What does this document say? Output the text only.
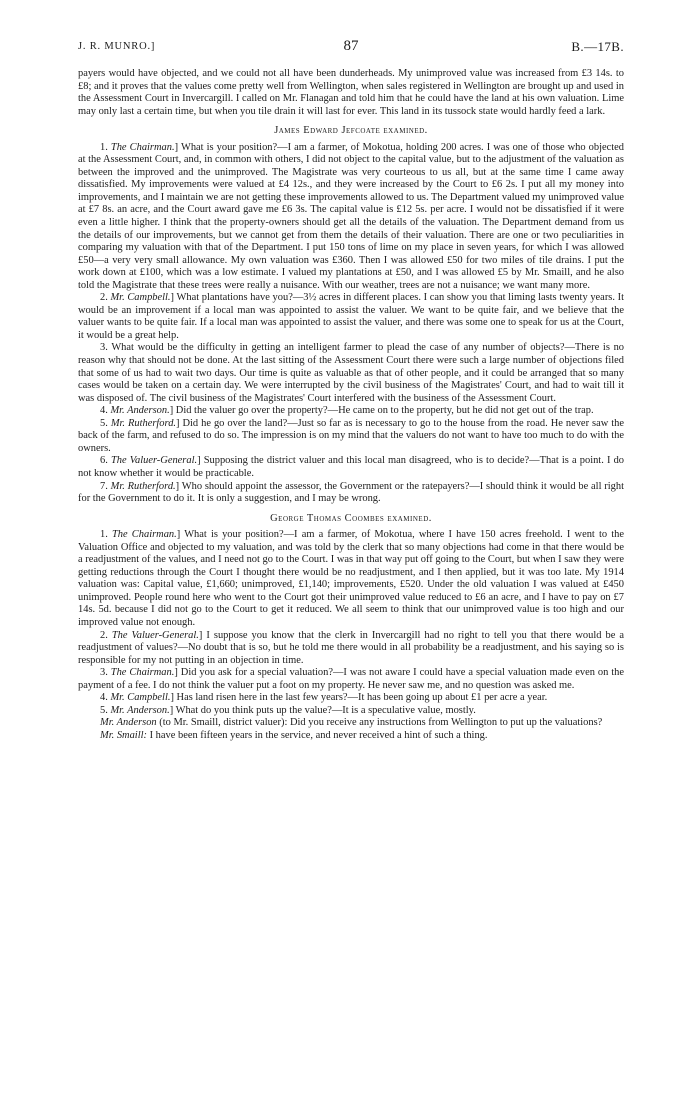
J. R. MUNRO.]	87	B.—17B.

payers would have objected, and we could not all have been dunderheads. My unimproved value was increased from £3 14s. to £8; and it proves that the values come pretty well from Wellington, when sales registered in Wellington are brought up and used in the Assessment Court in Invercargill. I called on Mr. Flanagan and told him that he could have the land at his own valuation. Lime may only last a certain time, but when you tile drain it will last for ever. This land in its tussock state would hardly feed a lark.

James Edward Jefcoate examined.

1. The Chairman.] What is your position?—I am a farmer, of Mokotua, holding 200 acres. I was one of those who objected at the Assessment Court, and, in common with others, I did not object to the capital value, but to the adjustment of the valuation as between the improved and the unimproved. The Magistrate was very courteous to us all, but at the same time I came away dissatisfied. My improvements were valued at £4 12s., and they were increased by the Court to £6 2s. I put all my money into improvements, and I maintain we are not getting these improvements allowed to us. The Department valued my unimproved value at £7 8s. an acre, and the Court award gave me £6 3s. The capital value is £12 5s. per acre. I would not be dissatisfied if it were even a little higher. I think that the property-owners should get all the details of the valuation. The Department demand from us the details of our improvements, but we cannot get from them the details of their valuation. There are one or two peculiarities in comparing my valuation with that of the Department. I put 150 tons of lime on my place in seven years, for which I was allowed £50—a very very small allowance. My own valuation was £360. Then I was allowed £50 for two miles of tile drains. I put the work down at £100, which was a low estimate. I valued my plantations at £50, and I was allowed £5 by Mr. Smaill, and he also told the Magistrate that these trees were really a nuisance. With our weather, trees are not a nuisance; we want many more.

2. Mr. Campbell.] What plantations have you?—3½ acres in different places. I can show you that liming lasts twenty years. It would be an improvement if a local man was appointed to assist the valuer. We want to be quite fair, and we believe that the valuer wants to be quite fair. If a local man was appointed to assist the valuer, and there was some one to speak for us at the Court, it would be a great help.

3. What would be the difficulty in getting an intelligent farmer to plead the case of any number of objects?—There is no reason why that should not be done. At the last sitting of the Assessment Court there were such a large number of objections filed that some of us had to wait two days. Our time is quite as valuable as that of other people, and it could be arranged that so many cases would be taken on a certain day. We were interrupted by the civil business of the Magistrates' Court, and had to wait till it was disposed of. The civil business of the Magistrates' Court interfered with the business of the Assessment Court.

4. Mr. Anderson.] Did the valuer go over the property?—He came on to the property, but he did not get out of the trap.

5. Mr. Rutherford.] Did he go over the land?—Just so far as is necessary to go to the house from the road. He never saw the back of the farm, and refused to do so. The impression is on my mind that the valuers do not want to have too much to do with the owners.

6. The Valuer-General.] Supposing the district valuer and this local man disagreed, who is to decide?—That is a point. I do not know whether it would be practicable.

7. Mr. Rutherford.] Who should appoint the assessor, the Government or the ratepayers?—I should think it would be all right for the Government to do it. It is only a suggestion, and I may be wrong.

George Thomas Coombes examined.

1. The Chairman.] What is your position?—I am a farmer, of Mokotua, where I have 150 acres freehold. I went to the Valuation Office and objected to my valuation, and was told by the clerk that so many objections had come in that there would be a readjustment of the values, and I need not go to the Court. I was in that way put off going to the Court, but when I saw they were getting reductions through the Court I thought there would be no readjustment, and I then applied, but it was too late. My 1914 valuation was: Capital value, £1,660; unimproved, £1,140; improvements, £520. Under the old valuation I was valued at £450 unimproved. People round here who went to the Court got their unimproved value reduced to £6 an acre, and I have to pay on £7 14s. 5d. because I did not go to the Court to get it reduced. We all seem to think that our unimproved value is too high and our improved value not enough.

2. The Valuer-General.] I suppose you know that the clerk in Invercargill had no right to tell you that there would be a readjustment of values?—No doubt that is so, but he told me there would in all probability be a readjustment, and his saying so is responsible for my not putting in an objection in time.

3. The Chairman.] Did you ask for a special valuation?—I was not aware I could have a special valuation made even on the payment of a fee. I do not think the valuer put a foot on my property. He never saw me, and no question was asked me.

4. Mr. Campbell.] Has land risen here in the last few years?—It has been going up about £1 per acre a year.

5. Mr. Anderson.] What do you think puts up the value?—It is a speculative value, mostly.

Mr. Anderson (to Mr. Smaill, district valuer): Did you receive any instructions from Wellington to put up the valuations?

Mr. Smaill: I have been fifteen years in the service, and never received a hint of such a thing.
